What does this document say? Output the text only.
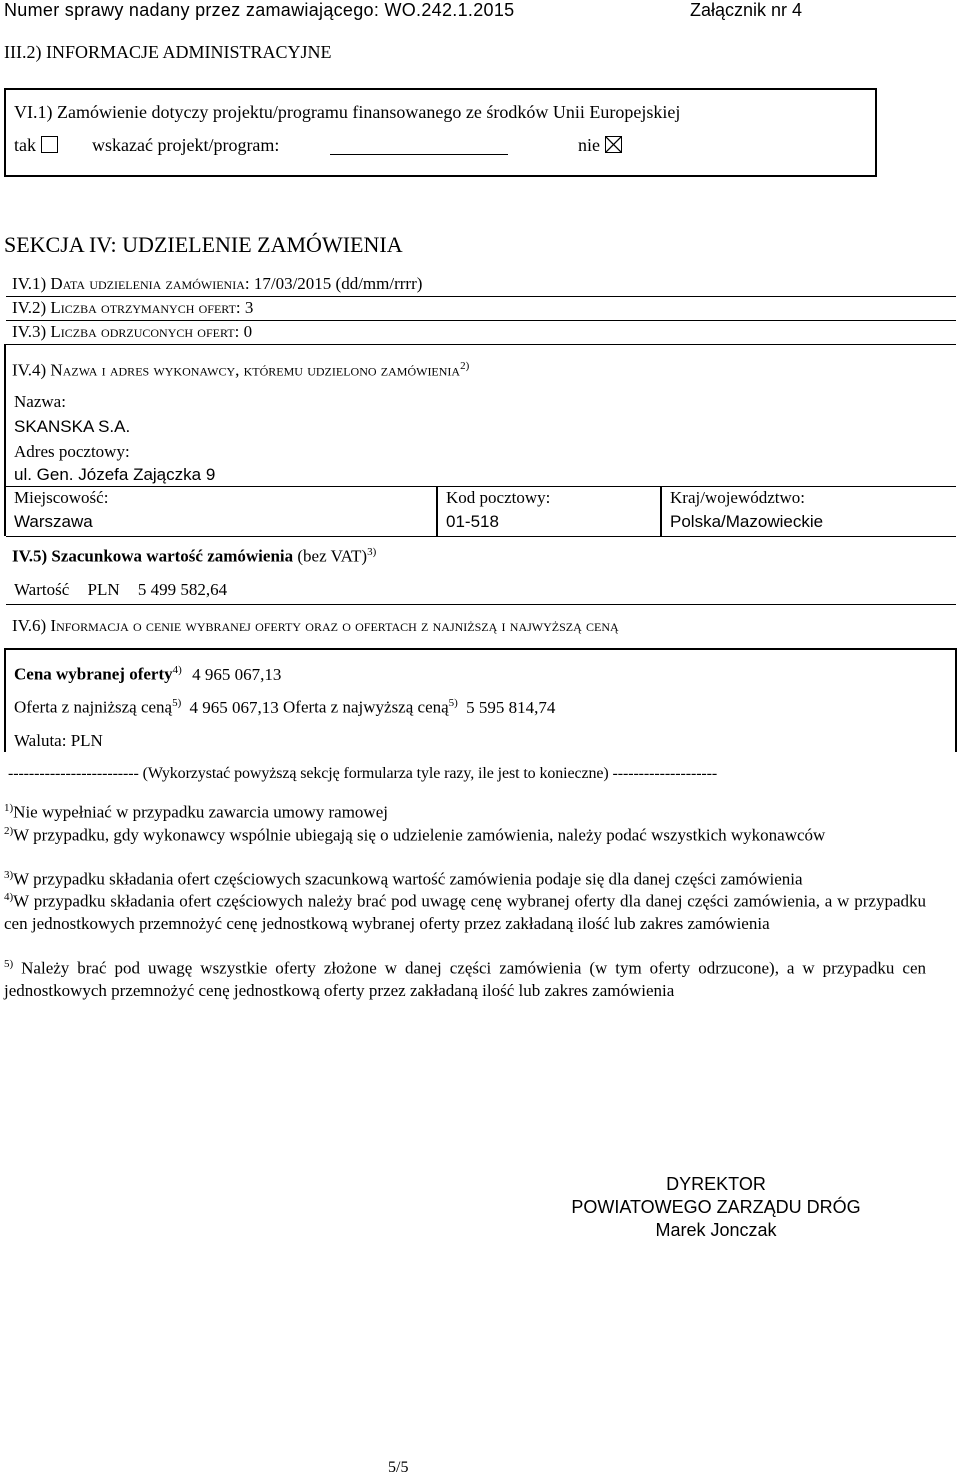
Numer sprawy nadany przez zamawiającego: WO.242.1.2015	Załącznik nr 4
III.2) INFORMACJE ADMINISTRACYJNE
VI.1) Zamówienie dotyczy projektu/programu finansowanego ze środków Unii Europejskiej
tak	wskazać projekt/program:	nie
SEKCJA IV: UDZIELENIE ZAMÓWIENIA
IV.1) Data udzielenia zamówienia: 17/03/2015 (dd/mm/rrrr)
IV.2) Liczba otrzymanych ofert: 3
IV.3) Liczba odrzuconych ofert: 0
IV.4) Nazwa i adres wykonawcy, któremu udzielono zamówienia$^{2)}$
Nazwa:
SKANSKA S.A.
Adres pocztowy:
ul. Gen. Józefa Zajączka 9
Miejscowość:
Warszawa
Kod pocztowy:
01-518
Kraj/województwo:
Polska/Mazowieckie
IV.5) Szacunkowa wartość zamówienia (bez VAT)$^{3)}$
Wartość PLN 5 499 582,64
IV.6) Informacja o cenie wybranej oferty oraz o ofertach z najniższą i najwyższą ceną
Cena wybranej oferty$^{4)}$ 4 965 067,13
Oferta z najniższą ceną$^{5)}$ 4 965 067,13 Oferta z najwyższą ceną$^{5)}$ 5 595 814,74
Waluta: PLN
------------------------- (Wykorzystać powyższą sekcję formularza tyle razy, ile jest to konieczne) --------------------
$^{1)}$Nie wypełniać w przypadku zawarcia umowy ramowej
$^{2)}$W przypadku, gdy wykonawcy wspólnie ubiegają się o udzielenie zamówienia, należy podać wszystkich wykonawców
$^{3)}$W przypadku składania ofert częściowych szacunkową wartość zamówienia podaje się dla danej części zamówienia
$^{4)}$W przypadku składania ofert częściowych należy brać pod uwagę cenę wybranej oferty dla danej części zamówienia, a w przypadku cen jednostkowych przemnożyć cenę jednostkową wybranej oferty przez zakładaną ilość lub zakres zamówienia
$^{5)}$ Należy brać pod uwagę wszystkie oferty złożone w danej części zamówienia (w tym oferty odrzucone), a w przypadku cen jednostkowych przemnożyć cenę jednostkową oferty przez zakładaną ilość lub zakres zamówienia
DYREKTOR
POWIATOWEGO ZARZĄDU DRÓG
Marek Jonczak
5/5
